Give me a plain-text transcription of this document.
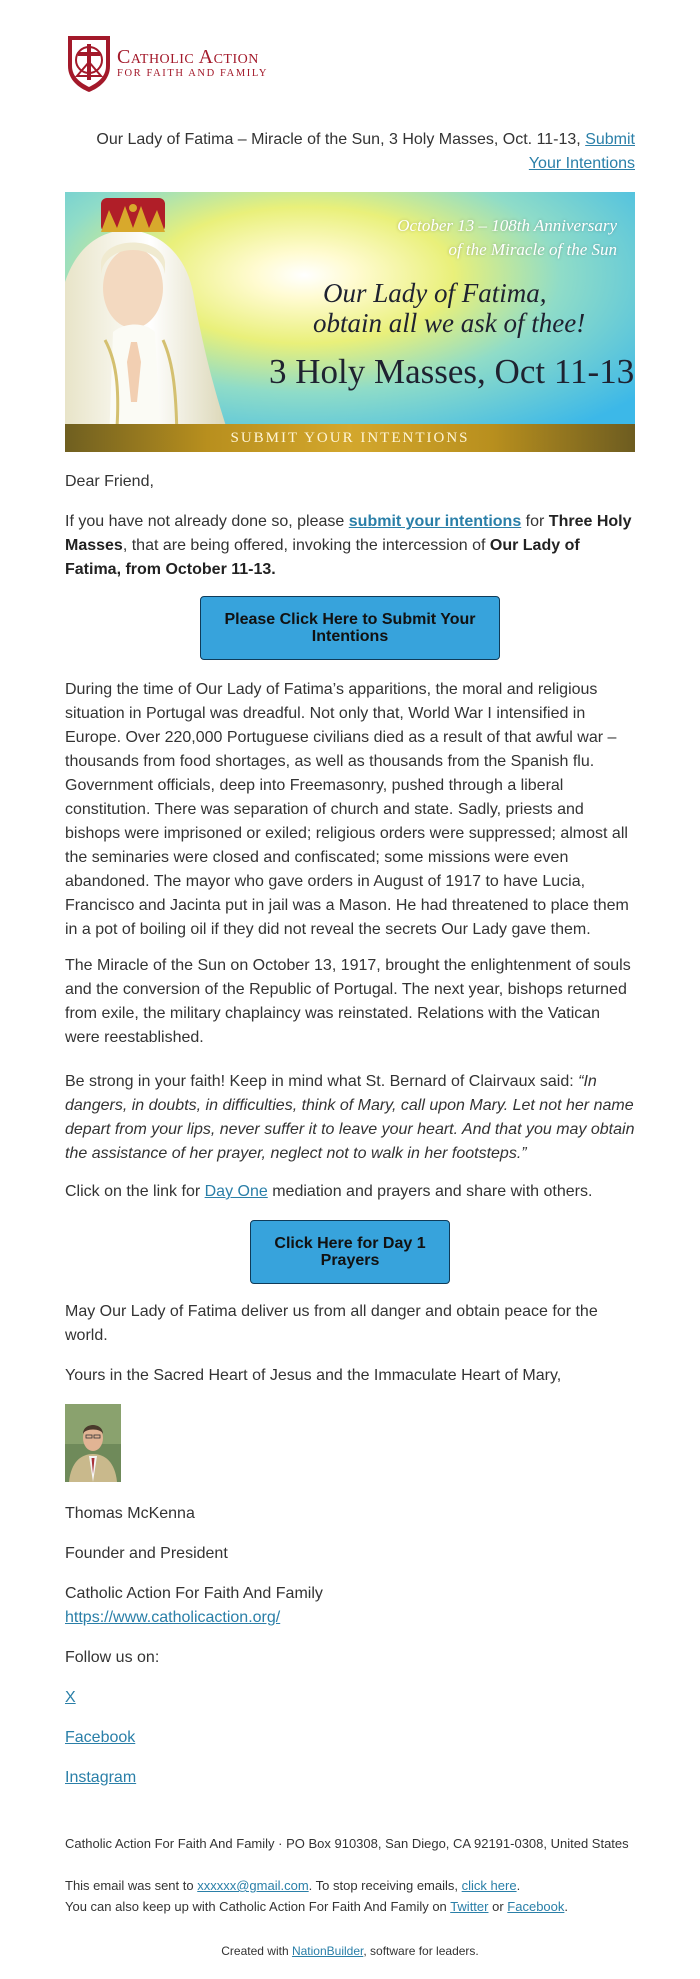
Catholic Action
FOR FAITH AND FAMILY
Our Lady of Fatima – Miracle of the Sun, 3 Holy Masses, Oct. 11-13, Submit Your Intentions
October 13 – 108th Anniversary
of the Miracle of the Sun
Our Lady of Fatima,
obtain all we ask of thee!
3 Holy Masses, Oct 11-13
SUBMIT YOUR INTENTIONS
Dear Friend,
If you have not already done so, please submit your intentions for Three Holy Masses, that are being offered, invoking the intercession of Our Lady of Fatima, from October 11-13.
Please Click Here to Submit Your Intentions
During the time of Our Lady of Fatima’s apparitions, the moral and religious situation in Portugal was dreadful. Not only that, World War I intensified in Europe. Over 220,000 Portuguese civilians died as a result of that awful war – thousands from food shortages, as well as thousands from the Spanish flu. Government officials, deep into Freemasonry, pushed through a liberal constitution. There was separation of church and state. Sadly, priests and bishops were imprisoned or exiled; religious orders were suppressed; almost all the seminaries were closed and confiscated; some missions were even abandoned. The mayor who gave orders in August of 1917 to have Lucia, Francisco and Jacinta put in jail was a Mason. He had threatened to place them in a pot of boiling oil if they did not reveal the secrets Our Lady gave them.
The Miracle of the Sun on October 13, 1917, brought the enlightenment of souls and the conversion of the Republic of Portugal. The next year, bishops returned from exile, the military chaplaincy was reinstated. Relations with the Vatican were reestablished.
Be strong in your faith! Keep in mind what St. Bernard of Clairvaux said: “In dangers, in doubts, in difficulties, think of Mary, call upon Mary. Let not her name depart from your lips, never suffer it to leave your heart. And that you may obtain the assistance of her prayer, neglect not to walk in her footsteps.”
Click on the link for Day One mediation and prayers and share with others.
Click Here for Day 1 Prayers
May Our Lady of Fatima deliver us from all danger and obtain peace for the world.
Yours in the Sacred Heart of Jesus and the Immaculate Heart of Mary,
Thomas McKenna
Founder and President
Catholic Action For Faith And Family
https://www.catholicaction.org/
Follow us on:
X
Facebook
Instagram
Catholic Action For Faith And Family · PO Box 910308, San Diego, CA 92191-0308, United States
This email was sent to xxxxxx@gmail.com. To stop receiving emails, click here.
You can also keep up with Catholic Action For Faith And Family on Twitter or Facebook.
Created with NationBuilder, software for leaders.
